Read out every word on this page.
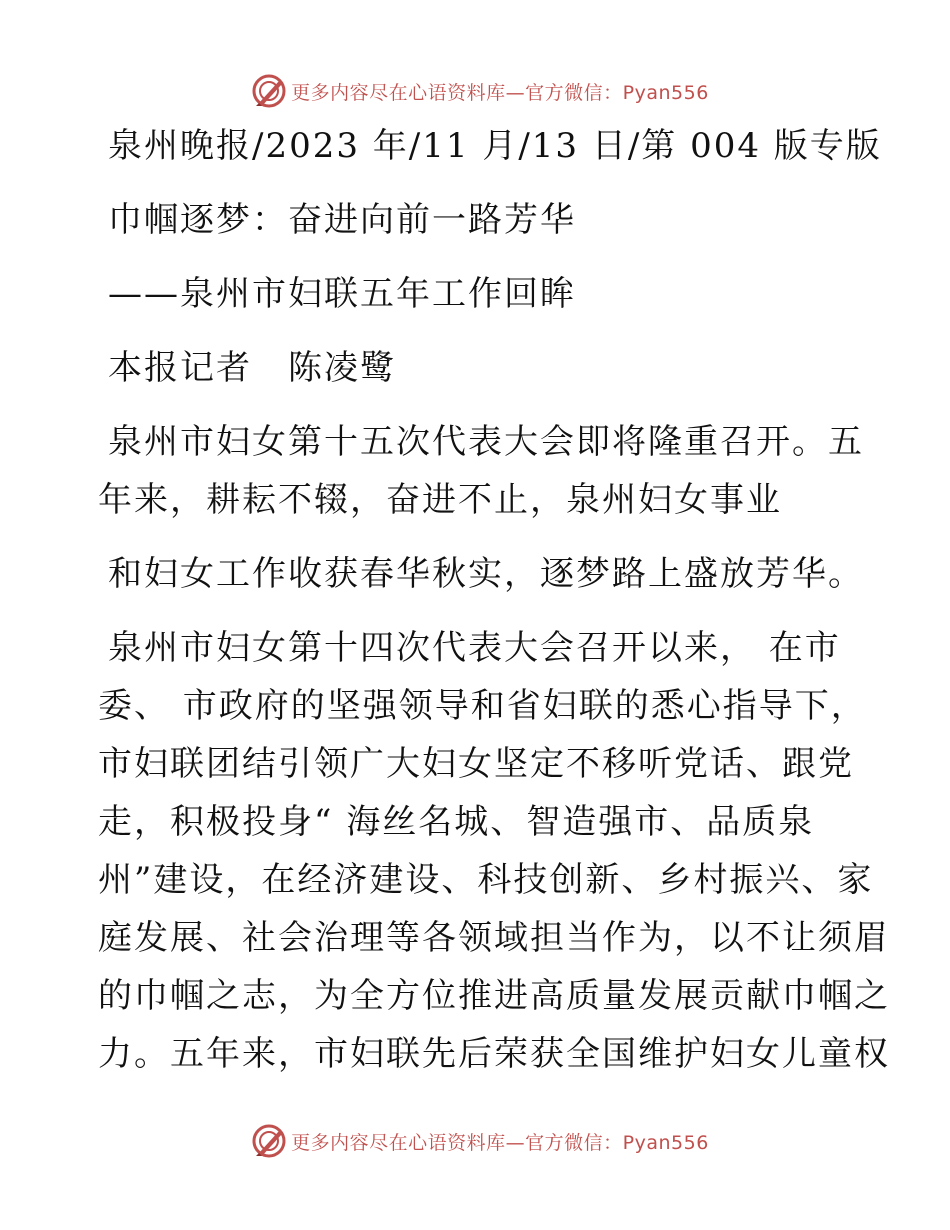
更多内容尽在心语资料库—官方微信：Pyan556
泉州晚报/2023 年/11 月/13 日/第 004 版专版
巾帼逐梦：奋进向前一路芳华
——泉州市妇联五年工作回眸
本报记者　陈凌鹭
泉州市妇女第十五次代表大会即将隆重召开。五
年来，耕耘不辍，奋进不止，泉州妇女事业
和妇女工作收获春华秋实，逐梦路上盛放芳华。
泉州市妇女第十四次代表大会召开以来， 在市
委、 市政府的坚强领导和省妇联的悉心指导下，
市妇联团结引领广大妇女坚定不移听党话、跟党
走，积极投身“ 海丝名城、智造强市、品质泉
州”建设，在经济建设、科技创新、乡村振兴、家
庭发展、社会治理等各领域担当作为，以不让须眉
的巾帼之志，为全方位推进高质量发展贡献巾帼之
力。五年来，市妇联先后荣获全国维护妇女儿童权
更多内容尽在心语资料库—官方微信：Pyan556
